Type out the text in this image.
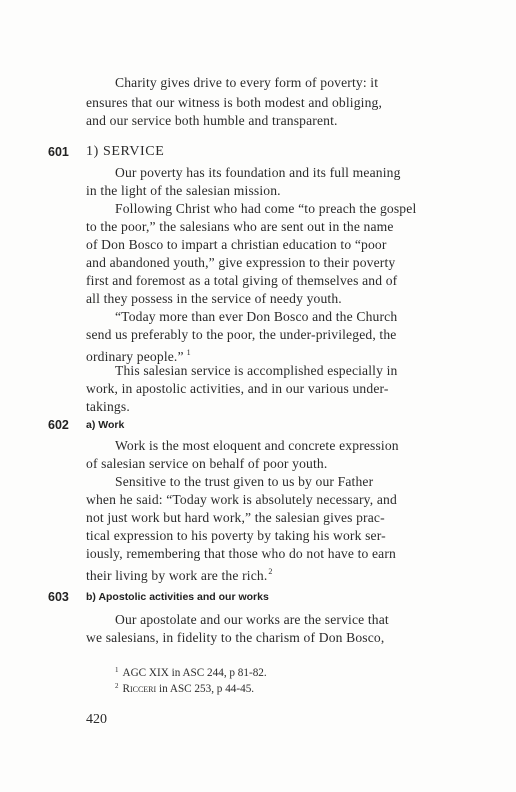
Charity gives drive to every form of poverty: it
ensures that our witness is both modest and obliging,
and our service both humble and transparent.
601 1) SERVICE
Our poverty has its foundation and its full meaning
in the light of the salesian mission.
Following Christ who had come “to preach the gospel
to the poor,” the salesians who are sent out in the name
of Don Bosco to impart a christian education to “poor
and abandoned youth,” give expression to their poverty
first and foremost as a total giving of themselves and of
all they possess in the service of needy youth.
“Today more than ever Don Bosco and the Church
send us preferably to the poor, the under-privileged, the
ordinary people.” $^1$
This salesian service is accomplished especially in
work, in apostolic activities, and in our various under-
takings.
602 a) Work
Work is the most eloquent and concrete expression
of salesian service on behalf of poor youth.
Sensitive to the trust given to us by our Father
when he said: “Today work is absolutely necessary, and
not just work but hard work,” the salesian gives prac-
tical expression to his poverty by taking his work ser-
iously, remembering that those who do not have to earn
their living by work are the rich.$^2$
603 b) Apostolic activities and our works
Our apostolate and our works are the service that
we salesians, in fidelity to the charism of Don Bosco,
$^1$ AGC XIX in ASC 244, p 81-82.
$^2$ Ricceri in ASC 253, p 44-45.
420
